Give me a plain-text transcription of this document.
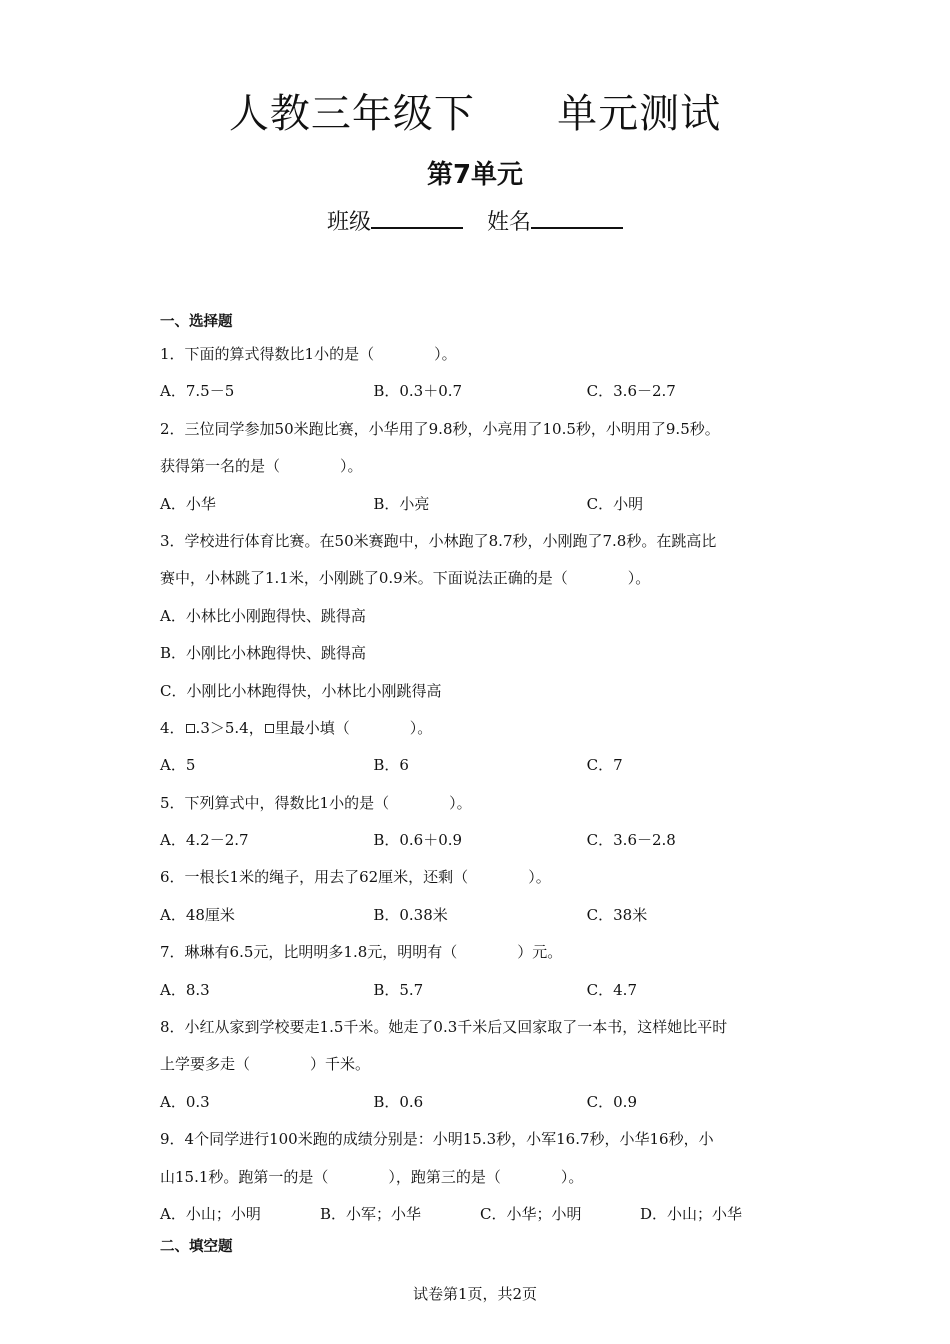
人教三年级下      单元测试
第7单元
班级	姓名
一、选择题
1．下面的算式得数比1小的是（	）。
A．7.5－5	B．0.3＋0.7	C．3.6－2.7
2．三位同学参加50米跑比赛，小华用了9.8秒，小亮用了10.5秒，小明用了9.5秒。
获得第一名的是（	）。
A．小华	B．小亮	C．小明
3．学校进行体育比赛。在50米赛跑中，小林跑了8.7秒，小刚跑了7.8秒。在跳高比
赛中，小林跳了1.1米，小刚跳了0.9米。下面说法正确的是（	）。
A．小林比小刚跑得快、跳得高
B．小刚比小林跑得快、跳得高
C．小刚比小林跑得快，小林比小刚跳得高
4． .3＞5.4， 里最小填（	）。
A．5	B．6	C．7
5．下列算式中，得数比1小的是（	）。
A．4.2－2.7	B．0.6＋0.9	C．3.6－2.8
6．一根长1米的绳子，用去了62厘米，还剩（	）。
A．48厘米	B．0.38米	C．38米
7．琳琳有6.5元，比明明多1.8元，明明有（	）元。
A．8.3	B．5.7	C．4.7
8．小红从家到学校要走1.5千米。她走了0.3千米后又回家取了一本书，这样她比平时
上学要多走（	）千米。
A．0.3	B．0.6	C．0.9
9．4个同学进行100米跑的成绩分别是：小明15.3秒，小军16.7秒，小华16秒，小
山15.1秒。跑第一的是（	），跑第三的是（	）。
A．小山；小明	B．小军；小华	C．小华；小明	D．小山；小华
二、填空题
试卷第1页，共2页
